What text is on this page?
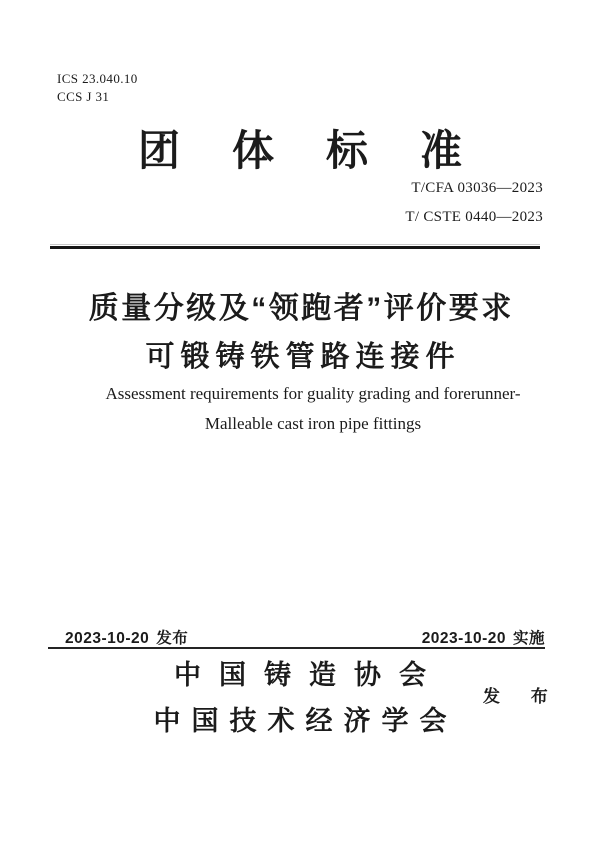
ICS 23.040.10
CCS J 31
团体标准
T/CFA 03036—2023
T/ CSTE 0440—2023
质量分级及“领跑者”评价要求
可锻铸铁管路连接件
Assessment requirements for guality grading and forerunner-
Malleable cast iron pipe fittings
2023-10-20 发布	2023-10-20 实施
中国铸造协会
中国技术经济学会
发 布
